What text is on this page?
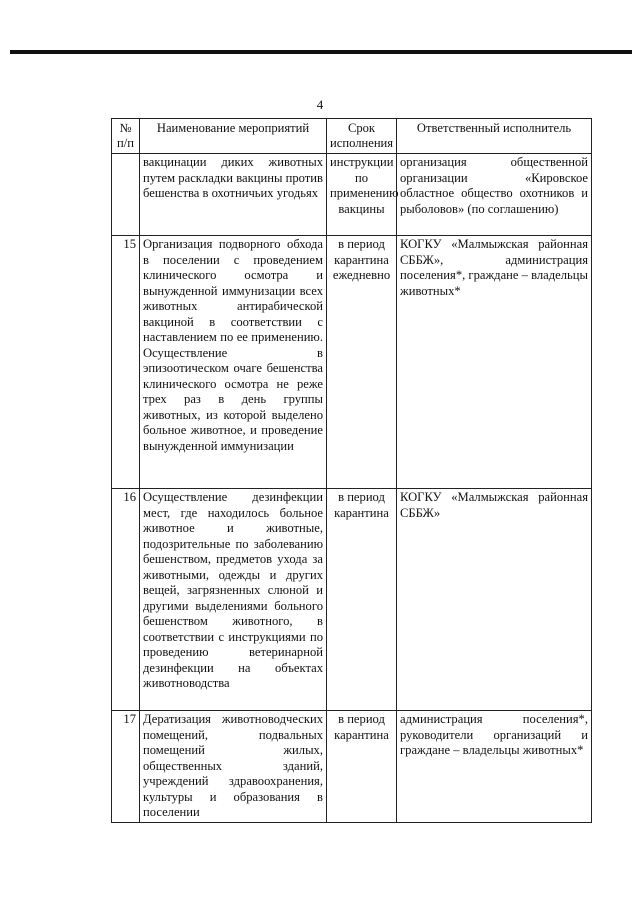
4
№ п/п	Наименование мероприятий	Срок исполнения	Ответственный исполнитель
	вакцинации диких животных путем раскладки вакцины против бешенства в охотничьих угодьях	инструкции по применению вакцины	организация общественной организации «Кировское областное общество охотников и рыболовов» (по соглашению)
15	Организация подворного обхода в поселении с проведением клинического осмотра и вынужденной иммунизации всех животных антирабической вакциной в соответствии с наставлением по ее применению. Осуществление в эпизоотическом очаге бешенства клинического осмотра не реже трех раз в день группы животных, из которой выделено больное животное, и проведение вынужденной иммунизации	в период карантина ежедневно	КОГКУ «Малмыжская районная СББЖ», администрация поселения*, граждане – владельцы животных*
16	Осуществление дезинфекции мест, где находилось больное животное и животные, подозрительные по заболеванию бешенством, предметов ухода за животными, одежды и других вещей, загрязненных слюной и другими выделениями больного бешенством животного, в соответствии с инструкциями по проведению ветеринарной дезинфекции на объектах животноводства	в период карантина	КОГКУ «Малмыжская районная СББЖ»
17	Дератизация животноводческих помещений, подвальных помещений жилых, общественных зданий, учреждений здравоохранения, культуры и образования в поселении	в период карантина	администрация поселения*, руководители организаций и граждане – владельцы животных*
